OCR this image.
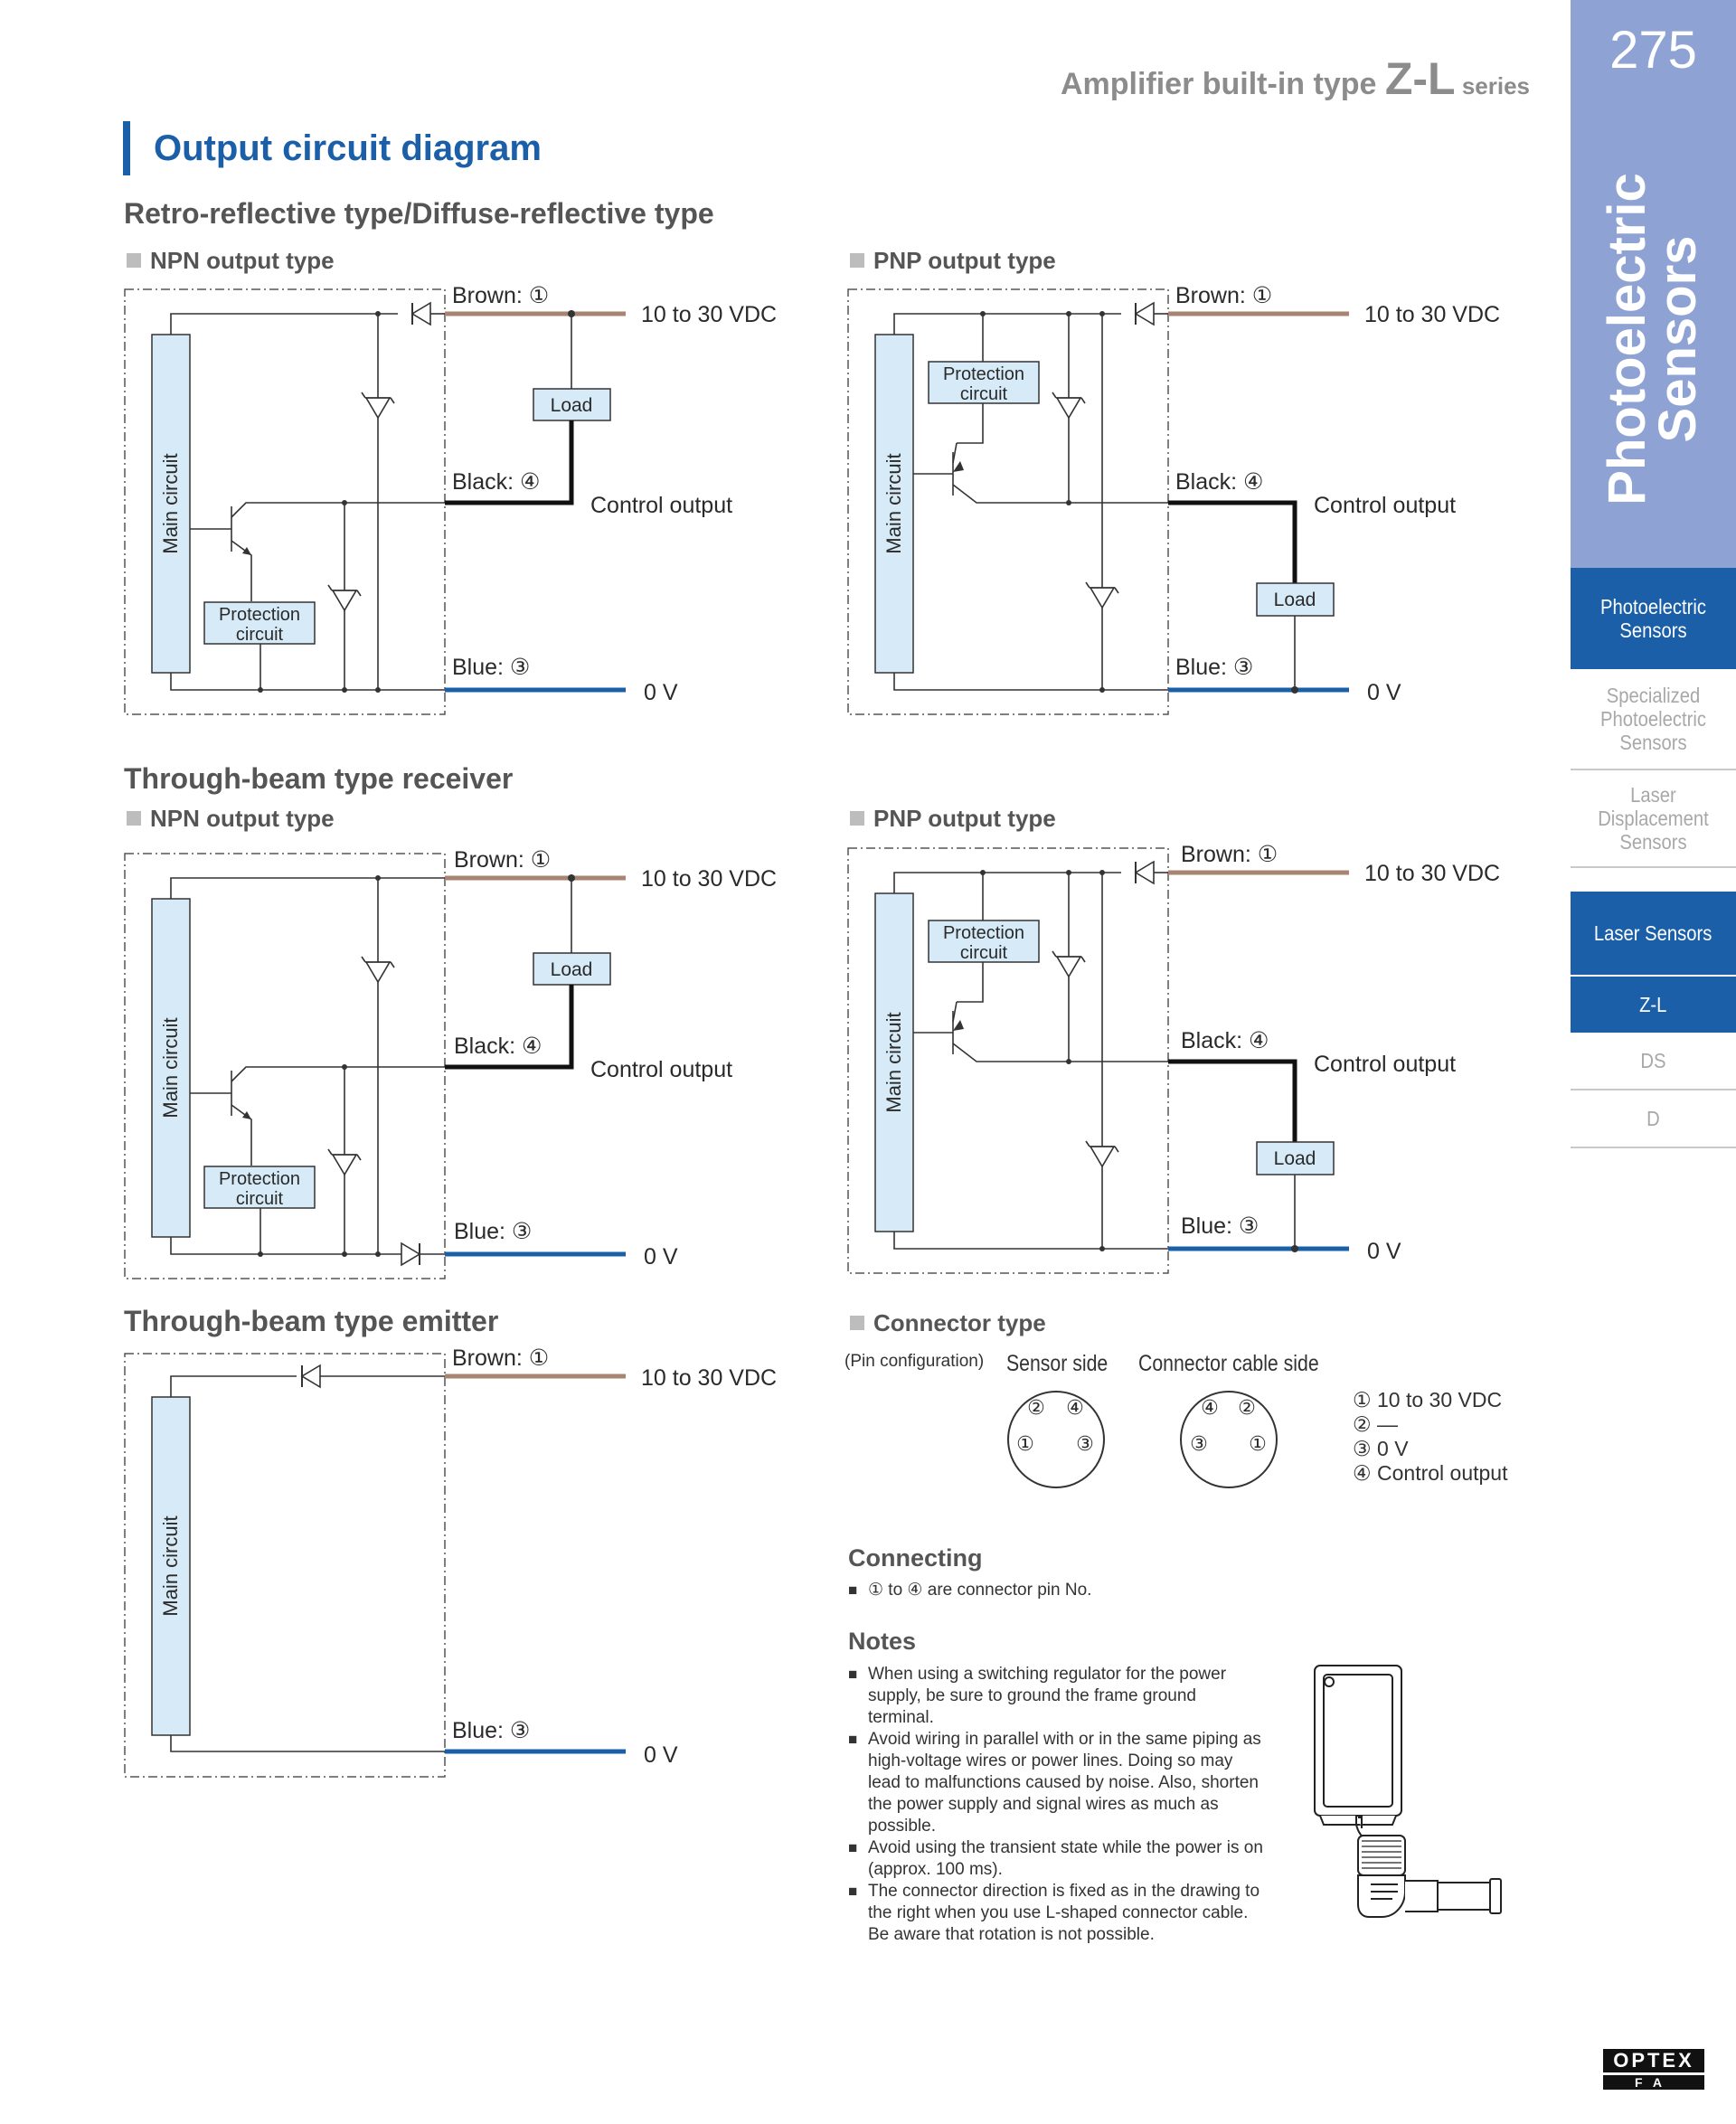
Amplifier built-in type Z-L series
Output circuit diagram
Retro-reflective type/Diffuse-reflective type
NPN output type	PNP output type
Through-beam type receiver
NPN output type	PNP output type
Through-beam type emitter	Connector type
Main circuit
Protection
circuit
Load
Brown: ①
Black: ④
Blue: ③
10 to 30 VDC
Control output
0 V
Main circuit
Protection
circuit
Load
Brown: ①
Black: ④
Blue: ③
10 to 30 VDC
Control output
0 V
Main circuit
Protection
circuit
Load
Brown: ①
Black: ④
Blue: ③
10 to 30 VDC
Control output
0 V
Main circuit
Protection
circuit
Load
Brown: ①
Black: ④
Blue: ③
10 to 30 VDC
Control output
0 V
Main circuit
Brown: ①
Blue: ③
10 to 30 VDC
0 V
(Pin configuration) Sensor side Connector cable side
② ④
① ③
④ ②
③ ①
① 10 to 30 VDC
② —
③ 0 V
④ Control output
Connecting
■ ① to ④ are connector pin No.
Notes
■ When using a switching regulator for the power supply, be sure to ground the frame ground terminal.
■ Avoid wiring in parallel with or in the same piping as high-voltage wires or power lines. Doing so may lead to malfunctions caused by noise. Also, shorten the power supply and signal wires as much as possible.
■ Avoid using the transient state while the power is on (approx. 100 ms).
■ The connector direction is fixed as in the drawing to the right when you use L-shaped connector cable. Be aware that rotation is not possible.
275
Photoelectric
Sensors
Photoelectric Sensors
Specialized Photoelectric Sensors
Laser Displacement Sensors
Laser Sensors
Z-L
DS
D
OPTEX
FA
